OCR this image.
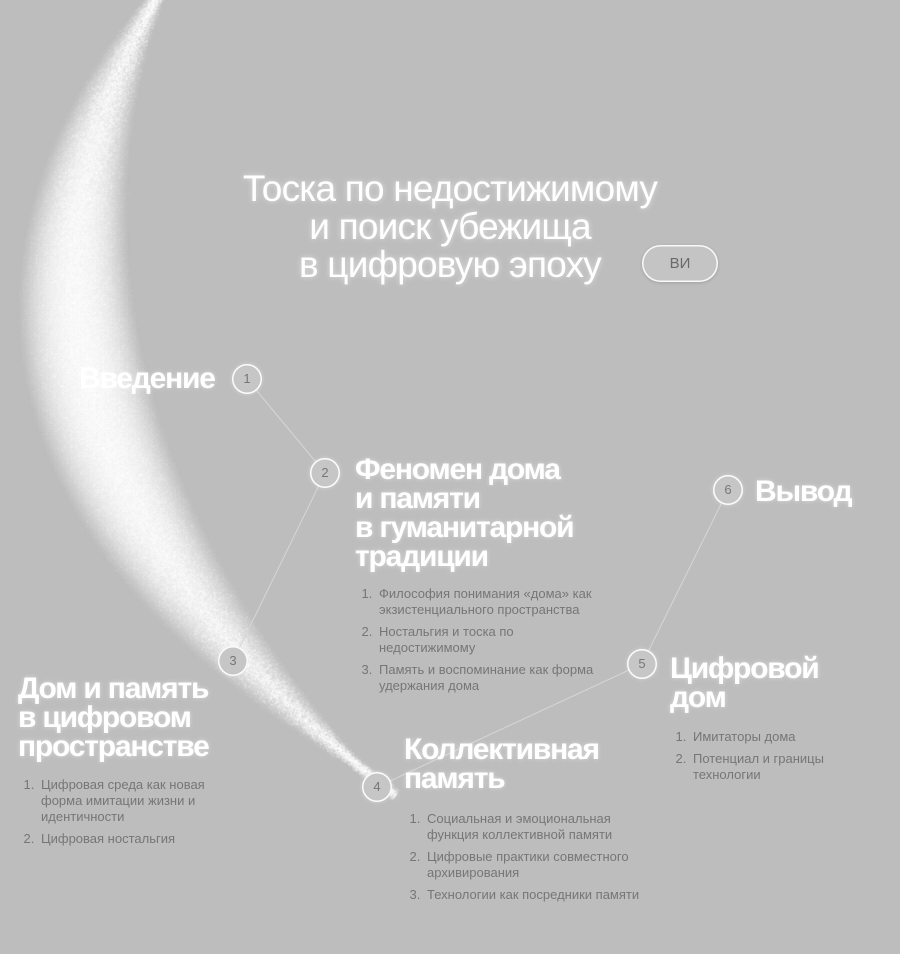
Тоска по недостижимому
и поиск убежища
в цифровую эпоху	ВИ
1
2
3
4
5
6
Введение
Феномен дома
и памяти
в гуманитарной
традиции
1. Философия понимания «дома» как экзистенциального пространства
2. Ностальгия и тоска по недостижимому
3. Память и воспоминание как форма удержания дома
Дом и память
в цифровом
пространстве
1. Цифровая среда как новая форма имитации жизни и идентичности
2. Цифровая ностальгия
Коллективная
память
1. Социальная и эмоциональная функция коллективной памяти
2. Цифровые практики совместного архивирования
3. Технологии как посредники памяти
Цифровой
дом
1. Имитаторы дома
2. Потенциал и границы технологии
Вывод
